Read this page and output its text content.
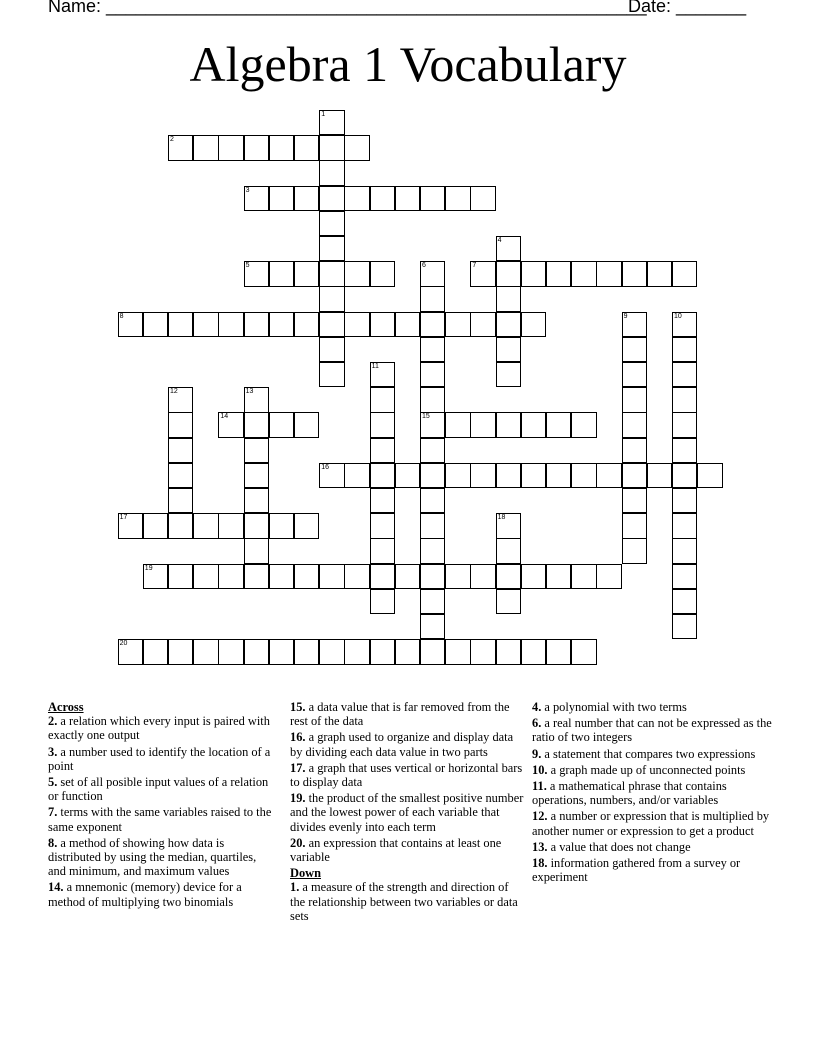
Name: ______________________________________________________
Date: _______
Algebra 1 Vocabulary
1
2
3
4
5	6
15
7
8	9	10
11
12	13
14
16
17	18
19
20
Across
2. a relation which every input is paired with exactly one output
3. a number used to identify the location of a point
5. set of all posible input values of a relation or function
7. terms with the same variables raised to the same exponent
8. a method of showing how data is distributed by using the median, quartiles, and minimum, and maximum values
14. a mnemonic (memory) device for a method of multiplying two binomials
15. a data value that is far removed from the rest of the data
16. a graph used to organize and display data by dividing each data value in two parts
17. a graph that uses vertical or horizontal bars to display data
19. the product of the smallest positive number and the lowest power of each variable that divides evenly into each term
20. an expression that contains at least one variable
Down
1. a measure of the strength and direction of the relationship between two variables or data sets
4. a polynomial with two terms
6. a real number that can not be expressed as the ratio of two integers
9. a statement that compares two expressions
10. a graph made up of unconnected points
11. a mathematical phrase that contains operations, numbers, and/or variables
12. a number or expression that is multiplied by another numer or expression to get a product
13. a value that does not change
18. information gathered from a survey or experiment
